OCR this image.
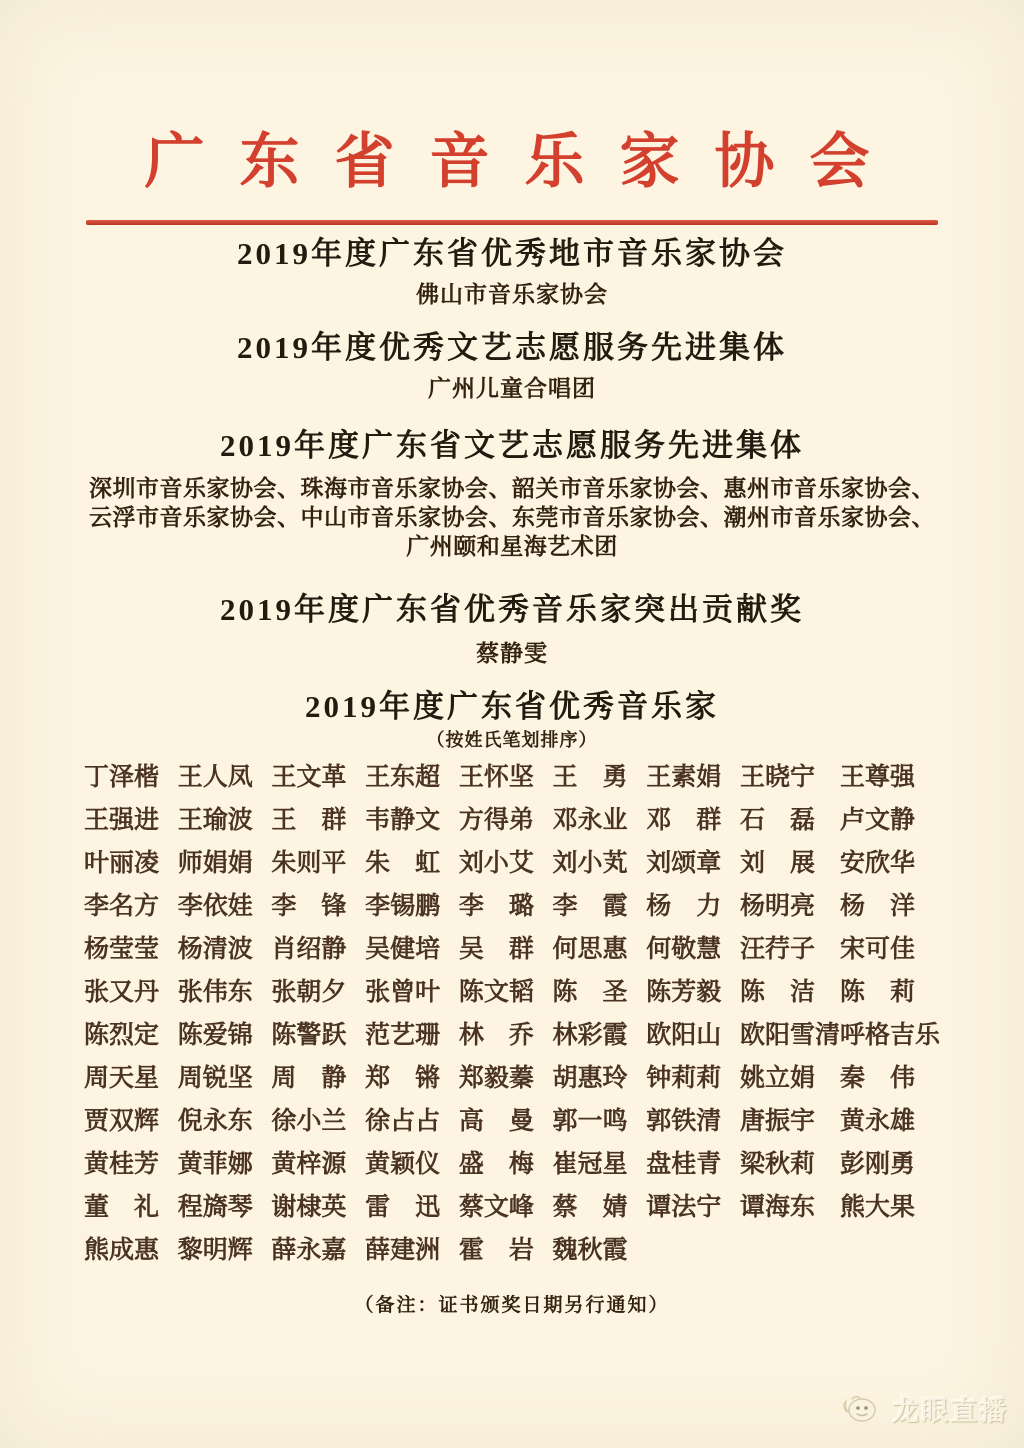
广 东 省 音 乐 家 协 会
2019年度广东省优秀地市音乐家协会

佛山市音乐家协会

2019年度优秀文艺志愿服务先进集体

广州儿童合唱团

2019年度广东省文艺志愿服务先进集体

深圳市音乐家协会、珠海市音乐家协会、韶关市音乐家协会、惠州市音乐家协会、

云浮市音乐家协会、中山市音乐家协会、东莞市音乐家协会、潮州市音乐家协会、

广州颐和星海艺术团

2019年度广东省优秀音乐家突出贡献奖

蔡静雯

2019年度广东省优秀音乐家

（按姓氏笔划排序）

丁泽楷 王人凤 王文革 王东超 王怀坚 王　勇 王素娟 王晓宁	王尊强
王强进 王瑜波 王　群 韦静文 方得弟 邓永业 邓　群 石　磊	卢文静
叶丽凌 师娟娟 朱则平 朱　虹 刘小艾 刘小芄 刘颂章 刘　展	安欣华
李名方 李依娃 李　锋 李锡鹏 李　璐 李　霞 杨　力 杨明亮	杨　洋
杨莹莹 杨清波 肖绍静 吴健培 吴　群 何思惠 何敬慧 汪荇子	宋可佳
张又丹 张伟东 张朝夕 张曾叶 陈文韬 陈　圣 陈芳毅 陈　洁	陈　莉
陈烈定 陈爱锦 陈警跃 范艺珊 林　乔 林彩霞 欧阳山 欧阳雪清 呼格吉乐
周天星 周锐坚 周　静 郑　锵 郑毅蓁 胡惠玲 钟莉莉 姚立娟	秦　伟
贾双辉 倪永东 徐小兰 徐占占 高　曼 郭一鸣 郭铁清 唐振宇	黄永雄
黄桂芳 黄菲娜 黄梓源 黄颖仪 盛　梅 崔冠星 盘桂青 梁秋莉	彭刚勇
董　礼 程旖琴 谢棣英 雷　迅 蔡文峰 蔡　婧 谭法宁 谭海东	熊大果
熊成惠 黎明辉 薛永嘉 薛建洲 霍　岩 魏秋霞

（备注：证书颁奖日期另行通知）

龙眼直播
